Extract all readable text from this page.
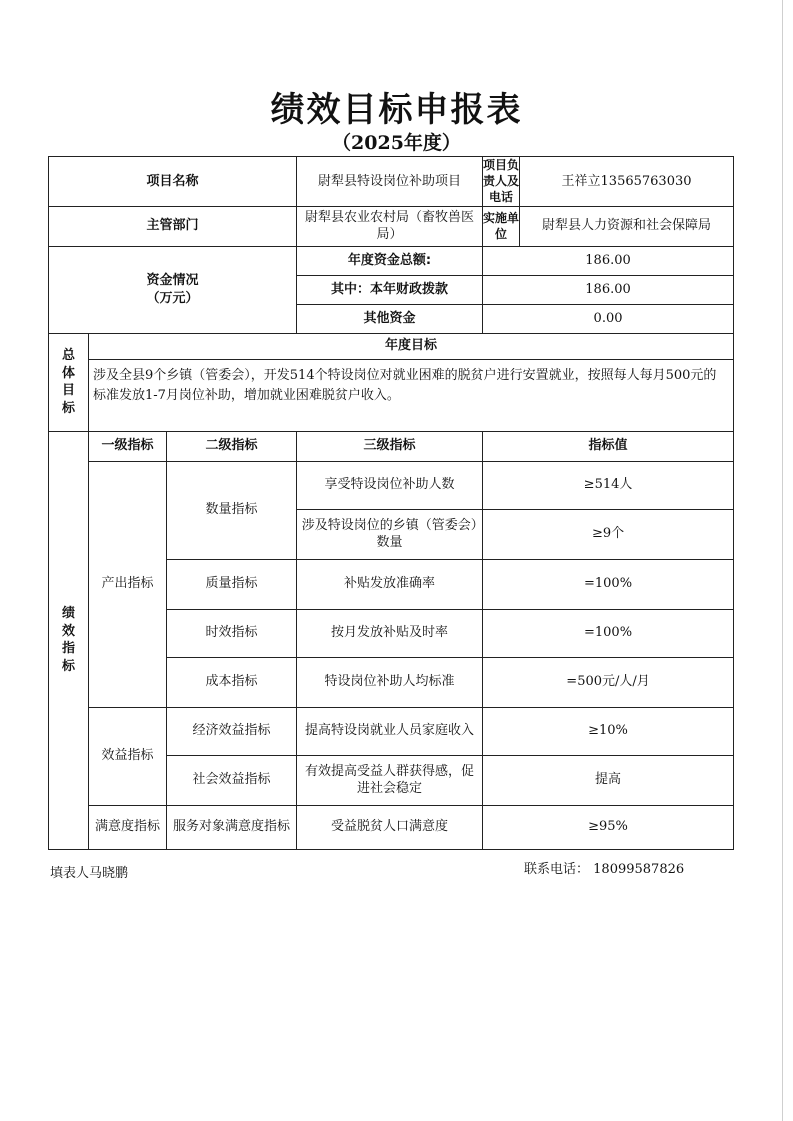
绩效目标申报表
（2025年度）
项目名称			尉犁县特设岗位补助项目	项目负责人及电话	王祥立13565763030
主管部门			尉犁县农业农村局（畜牧兽医局）	实施单位	尉犁县人力资源和社会保障局

资金情况
（万元）			年度资金总额:	186.00	
			其中：本年财政拨款	186.00	
			其他资金	0.00	

总
体
目
标	年度目标				
	涉及全县9个乡镇（管委会），开发514个特设岗位对就业困难的脱贫户进行安置就业，按照每人每月500元的标准发放1-7月岗位补助，增加就业困难脱贫户收入。				

绩
效
指
标	一级指标	二级指标	三级指标	指标值	
	产出指标	数量指标	享受特设岗位补助人数	≥514人	
			涉及特设岗位的乡镇（管委会）数量	≥9个	
		质量指标	补贴发放准确率	=100%	
		时效指标	按月发放补贴及时率	=100%	
		成本指标	特设岗位补助人均标准	=500元/人/月	
	效益指标	经济效益指标	提高特设岗就业人员家庭收入	≥10%	
		社会效益指标	有效提高受益人群获得感，促进社会稳定	提高	
	满意度指标	服务对象满意度指标	受益脱贫人口满意度	≥95%	
填表人马晓鹏	联系电话： 18099587826
